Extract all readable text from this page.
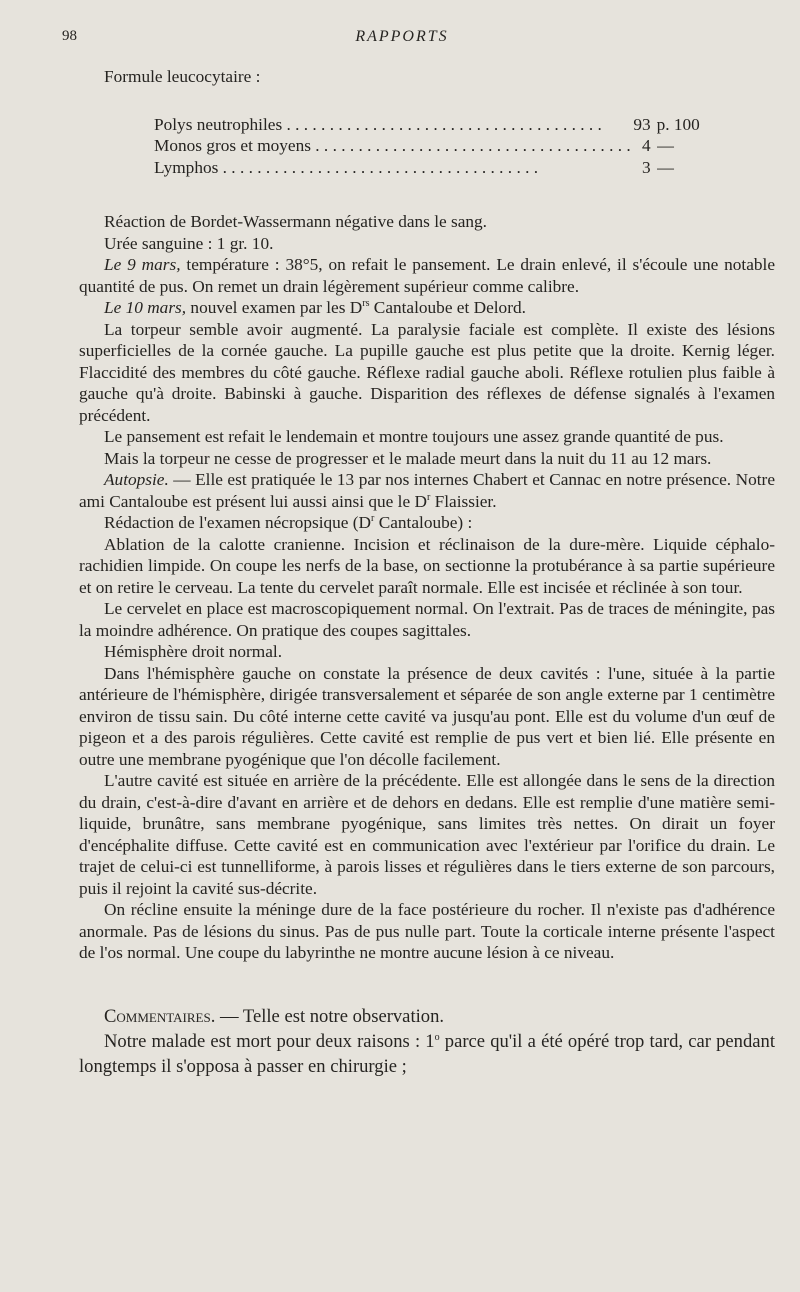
98	RAPPORTS

Formule leucocytaire :

Polys neutrophiles . . .	93	p. 100
Monos gros et moyens . . .	4	—
Lymphos . . .	3	—

Réaction de Bordet-Wassermann négative dans le sang.

Urée sanguine : 1 gr. 10.

Le 9 mars, température : 38°5, on refait le pansement. Le drain enlevé, il s'écoule une notable quantité de pus. On remet un drain légèrement supérieur comme calibre.

Le 10 mars, nouvel examen par les $D^{rs}$ Cantaloube et Delord.

La torpeur semble avoir augmenté. La paralysie faciale est complète. Il existe des lésions superficielles de la cornée gauche. La pupille gauche est plus petite que la droite. Kernig léger. Flaccidité des membres du côté gauche. Réflexe radial gauche aboli. Réflexe rotulien plus faible à gauche qu'à droite. Babinski à gauche. Disparition des réflexes de défense signalés à l'examen précédent.

Le pansement est refait le lendemain et montre toujours une assez grande quantité de pus.

Mais la torpeur ne cesse de progresser et le malade meurt dans la nuit du 11 au 12 mars.

Autopsie. — Elle est pratiquée le 13 par nos internes Chabert et Cannac en notre présence. Notre ami Cantaloube est présent lui aussi ainsi que le $D^r$ Flaissier.

Rédaction de l'examen nécropsique ($D^r$ Cantaloube) :

Ablation de la calotte cranienne. Incision et réclinaison de la dure-mère. Liquide céphalo-rachidien limpide. On coupe les nerfs de la base, on sectionne la protubérance à sa partie supérieure et on retire le cerveau. La tente du cervelet paraît normale. Elle est incisée et réclinée à son tour.

Le cervelet en place est macroscopiquement normal. On l'extrait. Pas de traces de méningite, pas la moindre adhérence. On pratique des coupes sagittales.

Hémisphère droit normal.

Dans l'hémisphère gauche on constate la présence de deux cavités : l'une, située à la partie antérieure de l'hémisphère, dirigée transversalement et séparée de son angle externe par 1 centimètre environ de tissu sain. Du côté interne cette cavité va jusqu'au pont. Elle est du volume d'un œuf de pigeon et a des parois régulières. Cette cavité est remplie de pus vert et bien lié. Elle présente en outre une membrane pyogénique que l'on décolle facilement.

L'autre cavité est située en arrière de la précédente. Elle est allongée dans le sens de la direction du drain, c'est-à-dire d'avant en arrière et de dehors en dedans. Elle est remplie d'une matière semi-liquide, brunâtre, sans membrane pyogénique, sans limites très nettes. On dirait un foyer d'encéphalite diffuse. Cette cavité est en communication avec l'extérieur par l'orifice du drain. Le trajet de celui-ci est tunnelliforme, à parois lisses et régulières dans le tiers externe de son parcours, puis il rejoint la cavité sus-décrite.

On récline ensuite la méninge dure de la face postérieure du rocher. Il n'existe pas d'adhérence anormale. Pas de lésions du sinus. Pas de pus nulle part. Toute la corticale interne présente l'aspect de l'os normal. Une coupe du labyrinthe ne montre aucune lésion à ce niveau.

Commentaires. — Telle est notre observation.

Notre malade est mort pour deux raisons : 1$^o$ parce qu'il a été opéré trop tard, car pendant longtemps il s'opposa à passer en chirurgie ;
